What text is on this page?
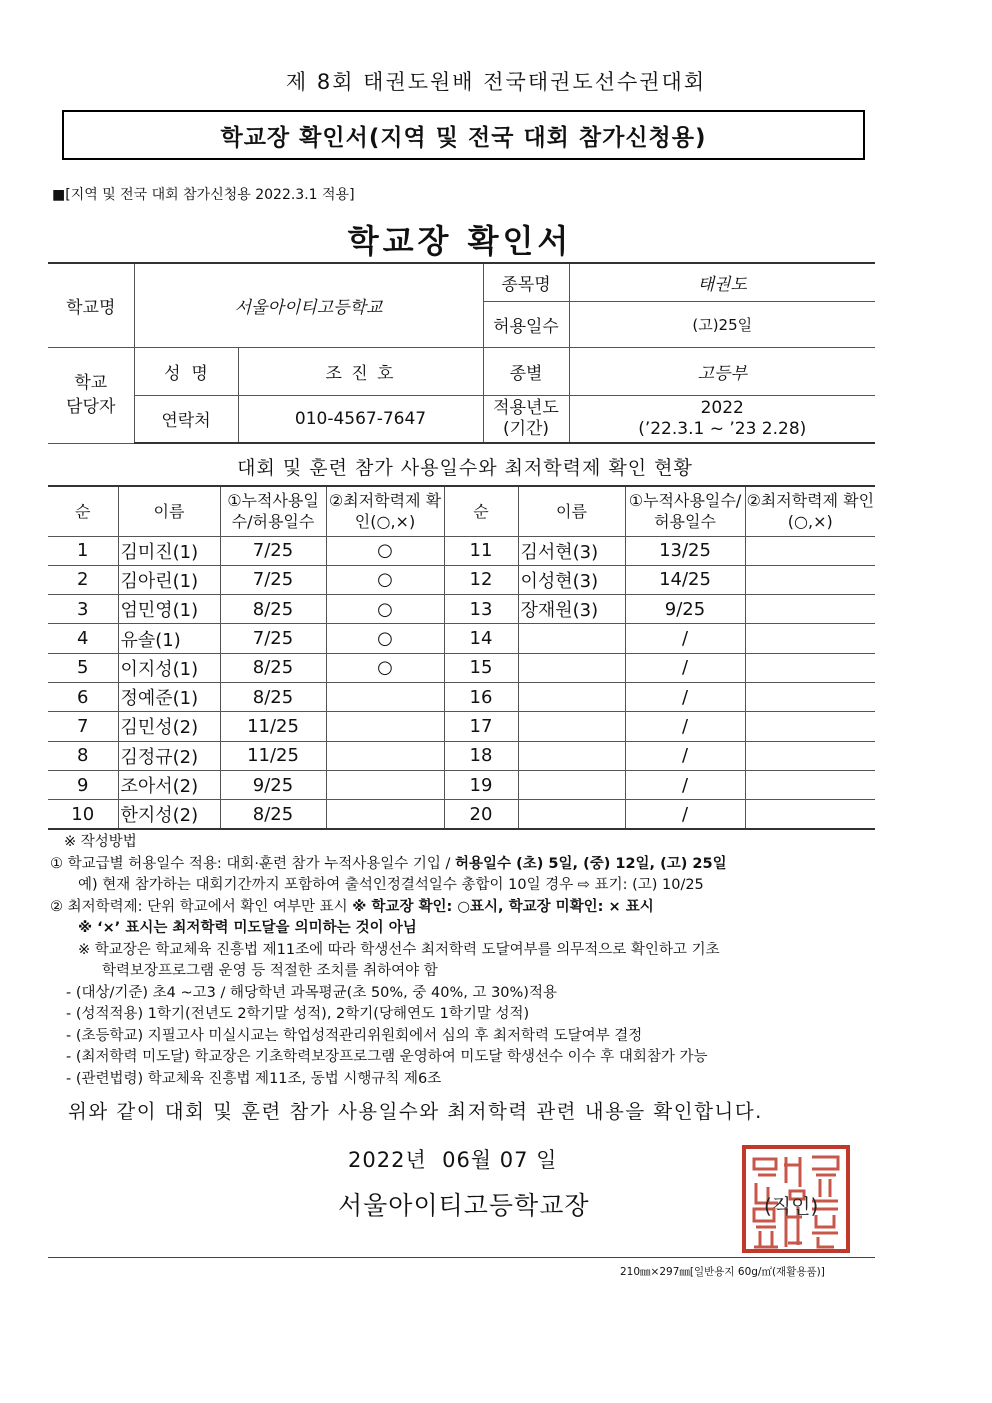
제 8회 태권도원배 전국태권도선수권대회
학교장 확인서(지역 및 전국 대회 참가신청용)
■[지역 및 전국 대회 참가신청용 2022.3.1 적용]
학교장 확인서
학교명	서울아이티고등학교		종목명	태권도
			허용일수	(고)25일
학교 담당자	성  명	조 진 호	종별	고등부
	연락처	010-4567-7647	적용년도 (기간)	2022
(’22.3.1 ~ ’23 2.28)
대회 및 훈련 참가 사용일수와 최저학력제 확인 현황
순	이름	①누적사용일수/허용일수	②최저학력제 확인(○,×)	순	이름	①누적사용일수/허용일수	②최저학력제 확인(○,×)
1	김미진(1)	7/25	○	11	김서현(3)	13/25	
2	김아린(1)	7/25	○	12	이성현(3)	14/25	
3	엄민영(1)	8/25	○	13	장재원(3)	9/25	
4	유솔(1)	7/25	○	14		/	
5	이지성(1)	8/25	○	15		/	
6	정예준(1)	8/25		16		/	
7	김민성(2)	11/25		17		/	
8	김정규(2)	11/25		18		/	
9	조아서(2)	9/25		19		/	
10	한지성(2)	8/25		20		/	
※ 작성방법
① 학교급별 허용일수 적용: 대회·훈련 참가 누적사용일수 기입 / 허용일수 (초) 5일, (중) 12일, (고) 25일
예) 현재 참가하는 대회기간까지 포함하여 출석인정결석일수 총합이 10일 경우 ⇨ 표기: (고) 10/25
② 최저학력제: 단위 학교에서 확인 여부만 표시 ※ 학교장 확인: ○표시, 학교장 미확인: × 표시
※ ‘×’ 표시는 최저학력 미도달을 의미하는 것이 아님
※ 학교장은 학교체육 진흥법 제11조에 따라 학생선수 최저학력 도달여부를 의무적으로 확인하고 기초
학력보장프로그램 운영 등 적절한 조치를 취하여야 함
- (대상/기준) 초4 ~고3 / 해당학년 과목평균(초 50%, 중 40%, 고 30%)적용
- (성적적용) 1학기(전년도 2학기말 성적), 2학기(당해연도 1학기말 성적)
- (초등학교) 지필고사 미실시교는 학업성적관리위원회에서 심의 후 최저학력 도달여부 결정
- (최저학력 미도달) 학교장은 기초학력보장프로그램 운영하여 미도달 학생선수 이수 후 대회참가 가능
- (관련법령) 학교체육 진흥법 제11조, 동법 시행규칙 제6조
위와 같이 대회 및 훈련 참가 사용일수와 최저학력 관련 내용을 확인합니다.
2022년  06월 07 일
서울아이티고등학교장	(직인)
210㎜×297㎜[일반용지 60g/㎡(재활용품)]
